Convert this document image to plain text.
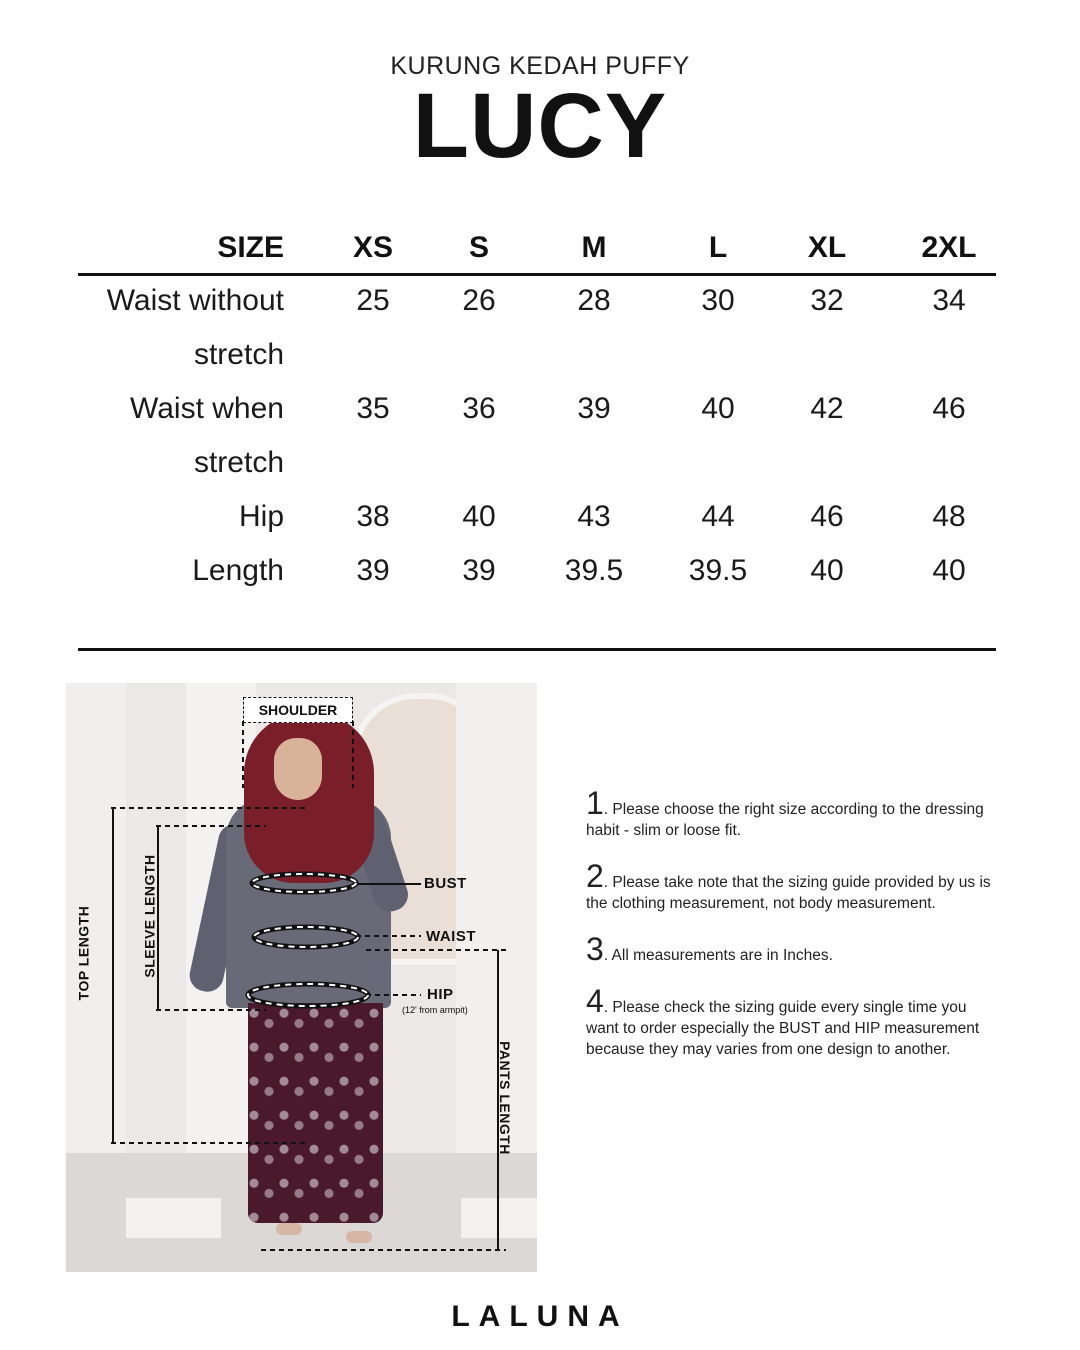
KURUNG KEDAH PUFFY
LUCY
SIZE	XS	S	M	L	XL	2XL
Waist without
stretch
25	26	28	30	32	34
Waist when
stretch
35	36	39	40	42	46
Hip	38	40	43	44	46	48
Length	39	39	39.5	39.5	40	40
SHOULDER
BUST
WAIST
HIP
(12' from armpit)
TOP LENGTH	SLEEVE LENGTH
PANTS LENGTH
1. Please choose the right size according to the dressing habit - slim or loose fit.
2. Please take note that the sizing guide provided by us is the clothing measurement, not body measurement.
3. All measurements are in Inches.
4. Please check the sizing guide every single time you want to order especially the BUST and HIP measurement because they may varies from one design to another.
LALUNA
